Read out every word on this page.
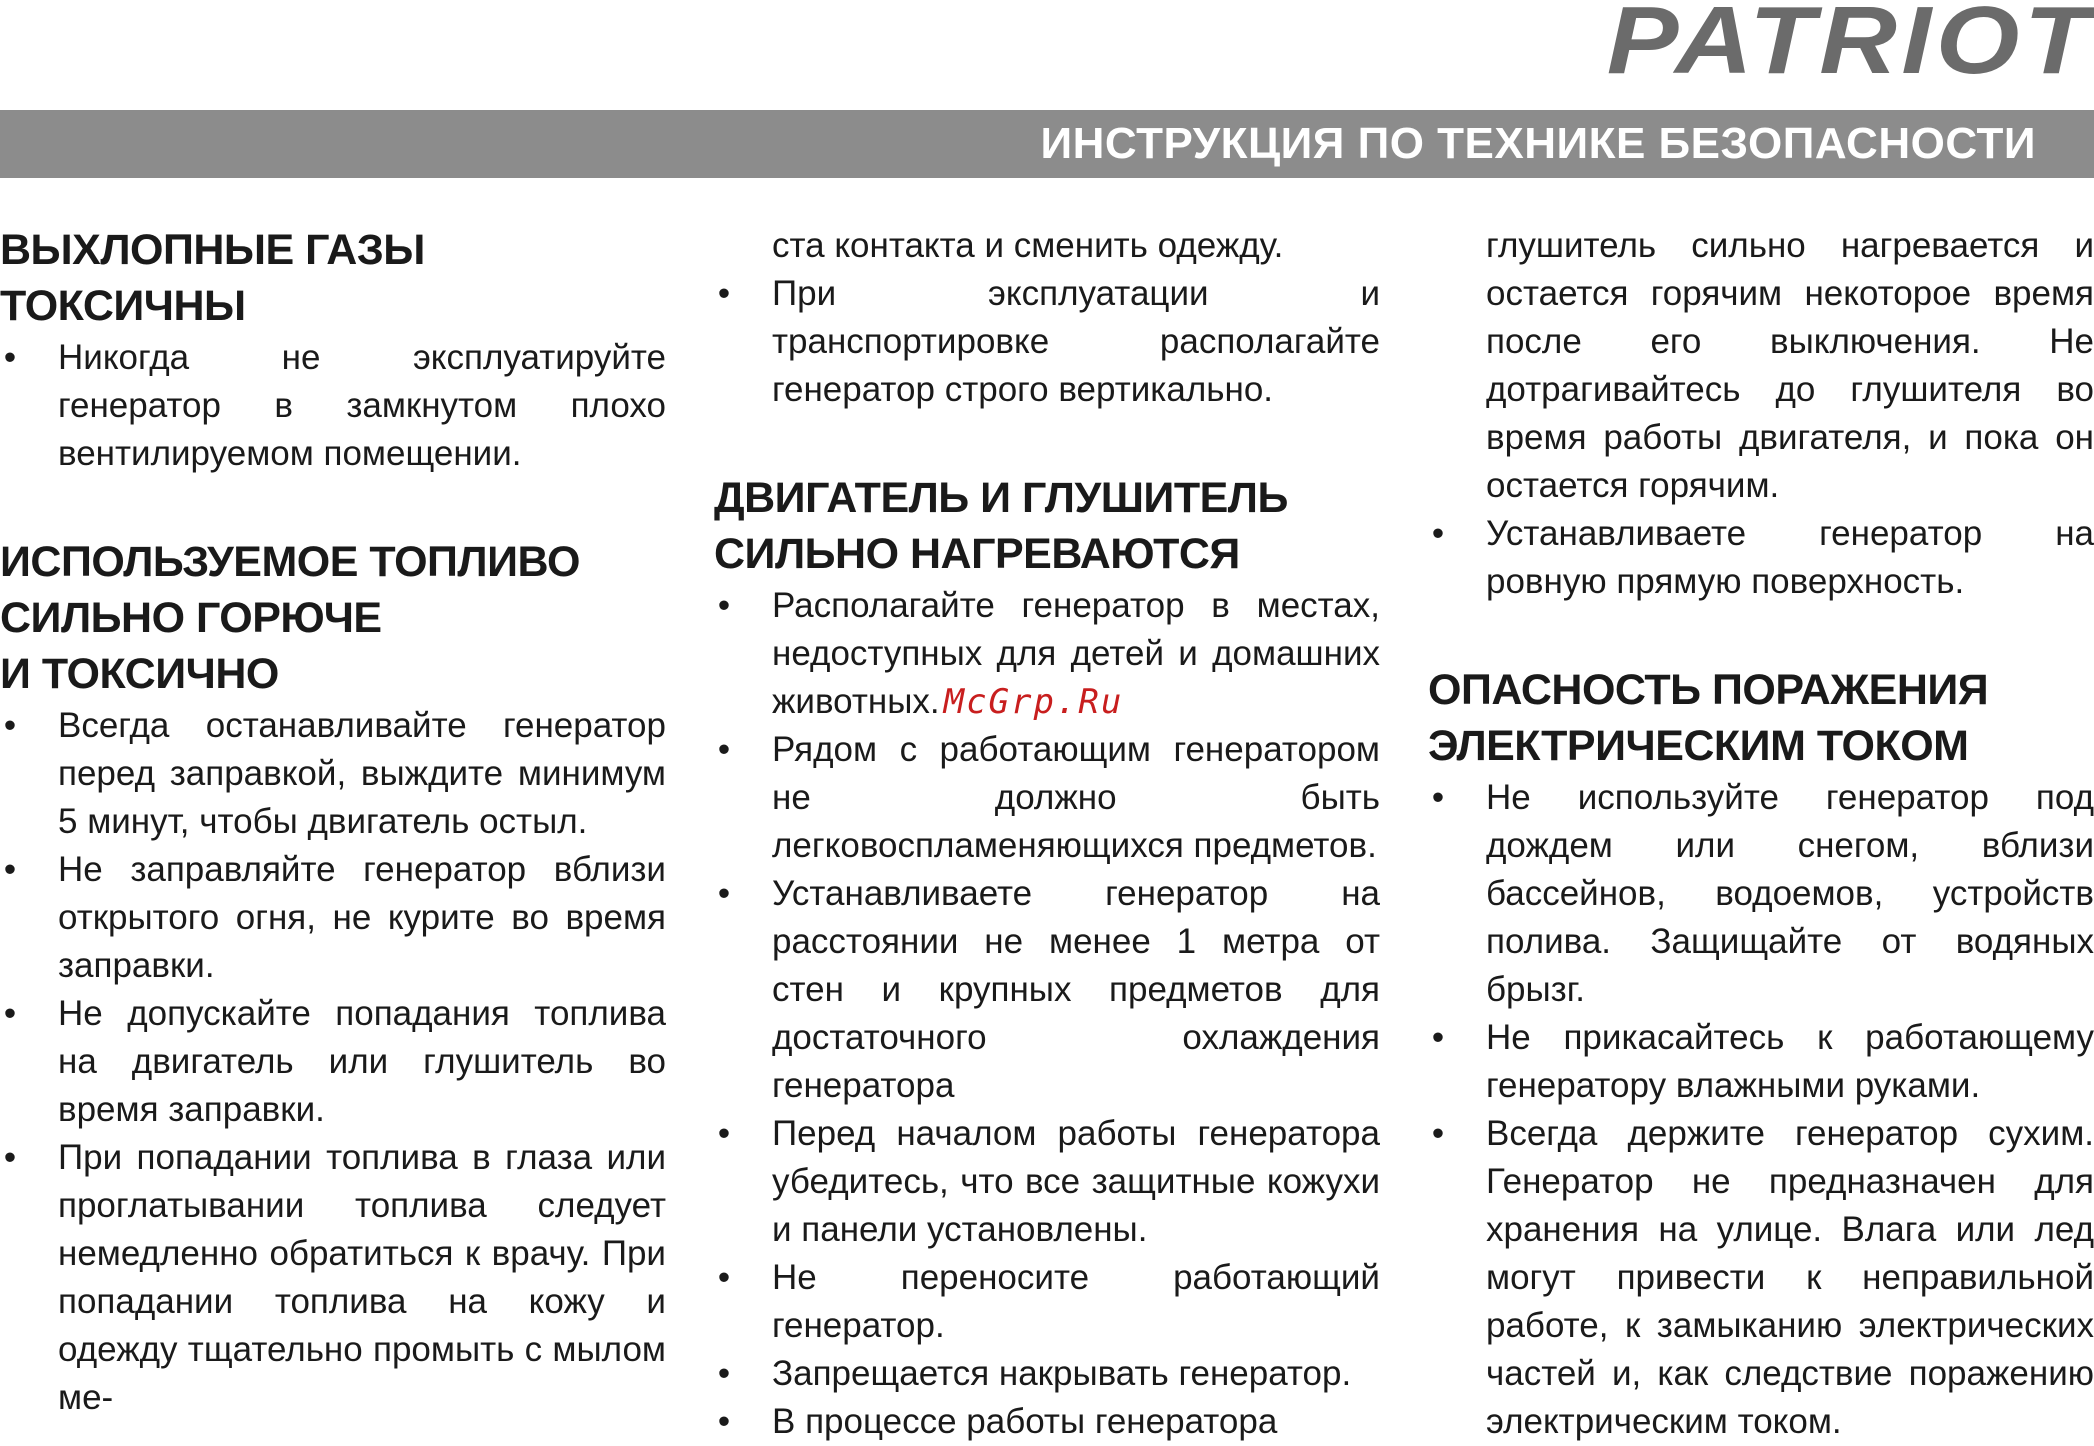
PATRIOT
ИНСТРУКЦИЯ ПО ТЕХНИКЕ БЕЗОПАСНОСТИ
ВЫХЛОПНЫЕ ГАЗЫ
ТОКСИЧНЫ
• Никогда не эксплуатируйте генератор в замкнутом плохо вентилируемом помещении.
ИСПОЛЬЗУЕМОЕ ТОПЛИВО
СИЛЬНО ГОРЮЧЕ
И ТОКСИЧНО
• Всегда останавливайте генератор перед заправкой, выждите минимум 5 минут, чтобы двигатель остыл.
• Не заправляйте генератор вблизи открытого огня, не курите во время заправки.
• Не допускайте попадания топлива на двигатель или глушитель во время заправки.
• При попадании топлива в глаза или проглатывании топлива следует немедленно обратиться к врачу. При попадании топлива на кожу и одежду тщательно промыть с мылом ме-

ста контакта и сменить одежду.

• При эксплуатации и транспортировке располагайте генератор строго вертикально.
ДВИГАТЕЛЬ И ГЛУШИТЕЛЬ
СИЛЬНО НАГРЕВАЮТСЯ
• Располагайте генератор в местах, недоступных для детей и домашних животных. McGrp.Ru
• Рядом с работающим генератором не должно быть легковоспламеняющихся предметов.
• Устанавливаете генератор на расстоянии не менее 1 метра от стен и крупных предметов для достаточного охлаждения генератора
• Перед началом работы генератора убедитесь, что все защитные кожухи и панели установлены.
• Не переносите работающий генератор.
• Запрещается накрывать генератор.
• В процессе работы генератора

глушитель сильно нагревается и остается горячим некоторое время после его выключения. Не дотрагивайтесь до глушителя во время работы двигателя, и пока он остается горячим.

• Устанавливаете генератор на ровную прямую поверхность.
ОПАСНОСТЬ ПОРАЖЕНИЯ
ЭЛЕКТРИЧЕСКИМ ТОКОМ
• Не используйте генератор под дождем или снегом, вблизи бассейнов, водоемов, устройств полива. Защищайте от водяных брызг.
• Не прикасайтесь к работающему генератору влажными руками.
• Всегда держите генератор сухим. Генератор не предназначен для хранения на улице. Влага или лед могут привести к неправильной работе, к замыканию электрических частей и, как следствие поражению электрическим током.
